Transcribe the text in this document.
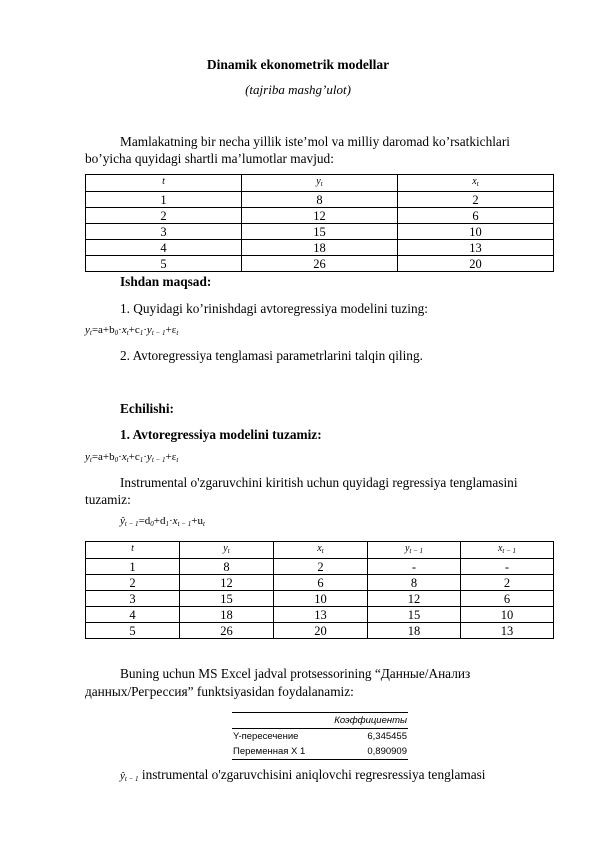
Dinamik ekonometrik modellar
(tajriba mashg’ulot)
Mamlakatning bir necha yillik iste’mol va milliy daromad ko’rsatkichlari
bo’yicha quyidagi shartli ma’lumotlar mavjud:
t	$y_t$	$x_t$
1	8	2
2	12	6
3	15	10
4	18	13
5	26	20
Ishdan maqsad:
1. Quyidagi ko’rinishdagi avtoregressiya modelini tuzing:
$y_t=a+b_0\cdot x_t+c_1\cdot y_{t - 1}+\varepsilon_t$
2. Avtoregressiya tenglamasi parametrlarini talqin qiling.
Echilishi:
1. Avtoregressiya modelini tuzamiz:
$y_t=a+b_0\cdot x_t+c_1\cdot y_{t - 1}+\varepsilon_t$
Instrumental o'zgaruvchini kiritish uchun quyidagi regressiya tenglamasini
tuzamiz:
$ŷ_{t - 1}=d_0+d_1\cdot x_{t - 1}+u_t$
t	$y_t$	$x_t$	$y_{t - 1}$	$x_{t - 1}$
1	8	2	-	-
2	12	6	8	2
3	15	10	12	6
4	18	13	15	10
5	26	20	18	13
Buning uchun MS Excel jadval protsessorining “Данные/Анализ
данных/Регрессия” funktsiyasidan foydalanamiz:
Коэффициенты
Y-пересечение	6,345455
Переменная X 1	0,890909
$ŷ_{t - 1}$ instrumental o'zgaruvchisini aniqlovchi regresressiya tenglamasi
